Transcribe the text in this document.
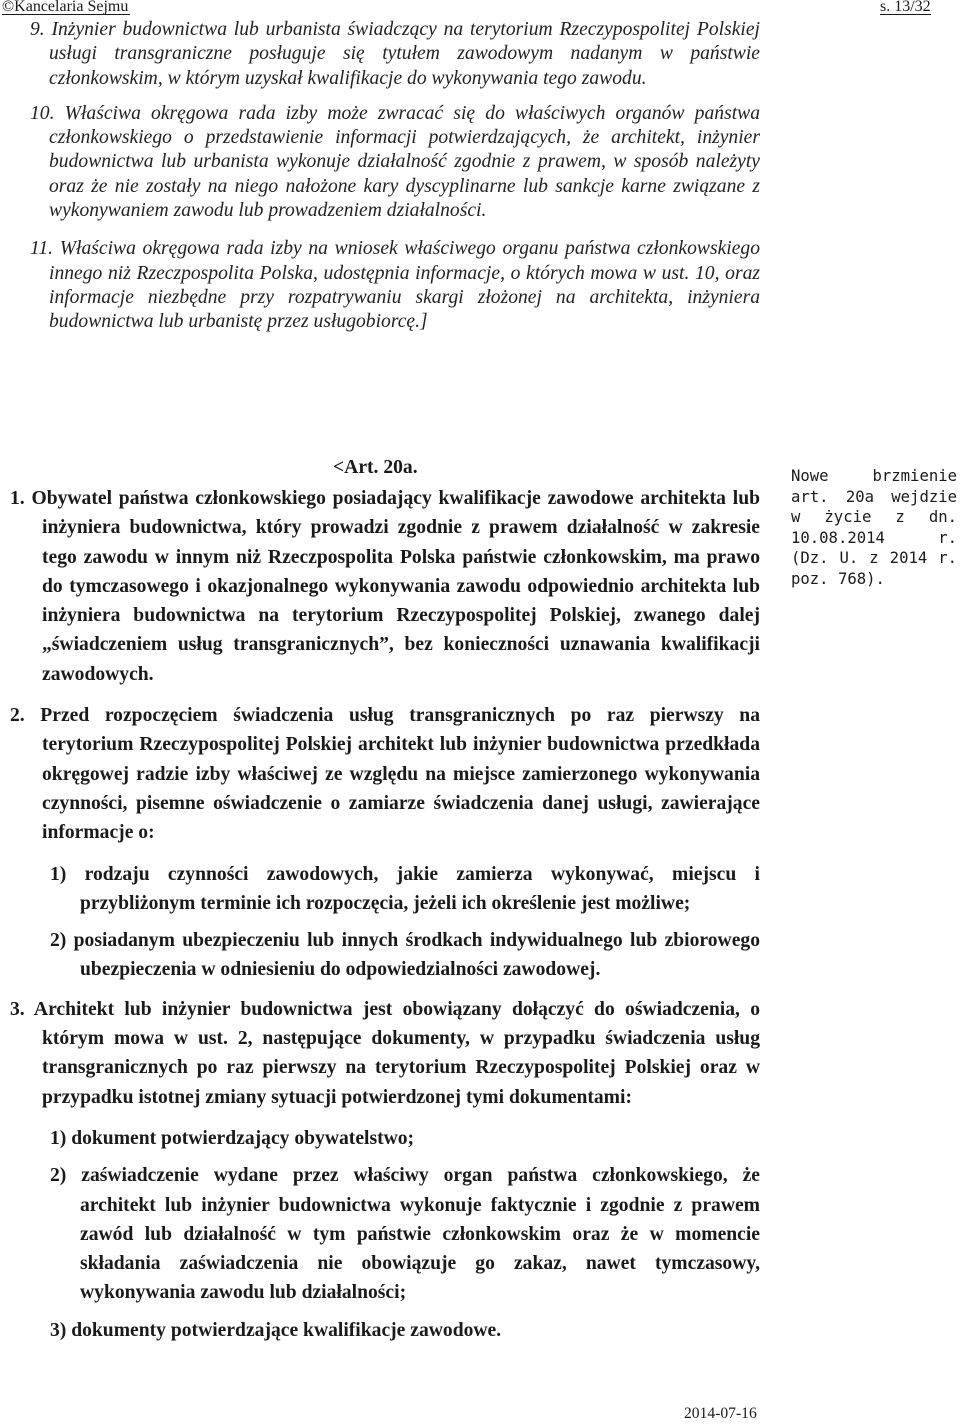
©Kancelaria Sejmu	s. 13/32

9. Inżynier budownictwa lub urbanista świadczący na terytorium Rzeczypospolitej Polskiej usługi transgraniczne posługuje się tytułem zawodowym nadanym w państwie członkowskim, w którym uzyskał kwalifikacje do wykonywania tego zawodu.

10. Właściwa okręgowa rada izby może zwracać się do właściwych organów państwa członkowskiego o przedstawienie informacji potwierdzających, że architekt, inżynier budownictwa lub urbanista wykonuje działalność zgodnie z prawem, w sposób należyty oraz że nie zostały na niego nałożone kary dyscyplinarne lub sankcje karne związane z wykonywaniem zawodu lub prowadzeniem działalności.

11. Właściwa okręgowa rada izby na wniosek właściwego organu państwa członkowskiego innego niż Rzeczpospolita Polska, udostępnia informacje, o których mowa w ust. 10, oraz informacje niezbędne przy rozpatrywaniu skargi złożonej na architekta, inżyniera budownictwa lub urbanistę przez usługobiorcę.]

<Art. 20a.

1. Obywatel państwa członkowskiego posiadający kwalifikacje zawodowe architekta lub inżyniera budownictwa, który prowadzi zgodnie z prawem działalność w zakresie tego zawodu w innym niż Rzeczpospolita Polska państwie członkowskim, ma prawo do tymczasowego i okazjonalnego wykonywania zawodu odpowiednio architekta lub inżyniera budownictwa na terytorium Rzeczypospolitej Polskiej, zwanego dalej „świadczeniem usług transgranicznych”, bez konieczności uznawania kwalifikacji zawodowych.

2. Przed rozpoczęciem świadczenia usług transgranicznych po raz pierwszy na terytorium Rzeczypospolitej Polskiej architekt lub inżynier budownictwa przedkłada okręgowej radzie izby właściwej ze względu na miejsce zamierzonego wykonywania czynności, pisemne oświadczenie o zamiarze świadczenia danej usługi, zawierające informacje o:

1) rodzaju czynności zawodowych, jakie zamierza wykonywać, miejscu i przybliżonym terminie ich rozpoczęcia, jeżeli ich określenie jest możliwe;

2) posiadanym ubezpieczeniu lub innych środkach indywidualnego lub zbiorowego ubezpieczenia w odniesieniu do odpowiedzialności zawodowej.

3. Architekt lub inżynier budownictwa jest obowiązany dołączyć do oświadczenia, o którym mowa w ust. 2, następujące dokumenty, w przypadku świadczenia usług transgranicznych po raz pierwszy na terytorium Rzeczypospolitej Polskiej oraz w przypadku istotnej zmiany sytuacji potwierdzonej tymi dokumentami:

1) dokument potwierdzający obywatelstwo;

2) zaświadczenie wydane przez właściwy organ państwa członkowskiego, że architekt lub inżynier budownictwa wykonuje faktycznie i zgodnie z prawem zawód lub działalność w tym państwie członkowskim oraz że w momencie składania zaświadczenia nie obowiązuje go zakaz, nawet tymczasowy, wykonywania zawodu lub działalności;

3) dokumenty potwierdzające kwalifikacje zawodowe.

Nowe brzmienie art. 20a wejdzie w życie z dn. 10.08.2014 r. (Dz. U. z 2014 r. poz. 768).
2014-07-16
